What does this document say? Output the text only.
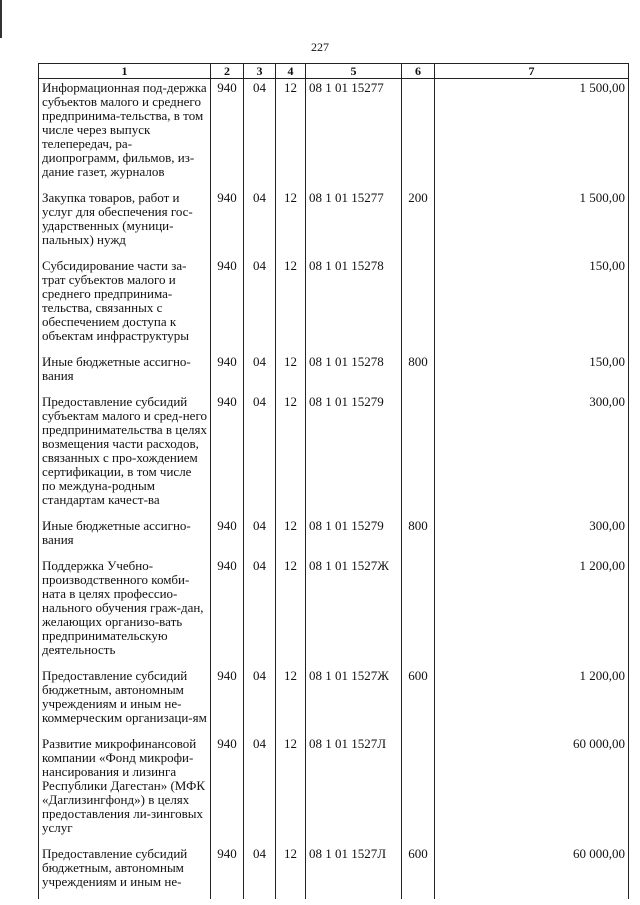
227
1	2	3	4	5	6	7
Информационная под-держка субъектов малого и среднего предпринима-тельства, в том числе через выпуск телепередач, ра-диопрограмм, фильмов, из-дание газет, журналов	940	04	12	08 1 01 15277		1 500,00
Закупка товаров, работ и услуг для обеспечения гос-ударственных (муници-пальных) нужд	940	04	12	08 1 01 15277	200	1 500,00
Субсидирование части за-трат субъектов малого и среднего предпринима-тельства, связанных с обеспечением доступа к объектам инфраструктуры	940	04	12	08 1 01 15278		150,00
Иные бюджетные ассигно-вания	940	04	12	08 1 01 15278	800	150,00
Предоставление субсидий субъектам малого и сред-него предпринимательства в целях возмещения части расходов, связанных с про-хождением сертификации, в том числе по междуна-родным стандартам качест-ва	940	04	12	08 1 01 15279		300,00
Иные бюджетные ассигно-вания	940	04	12	08 1 01 15279	800	300,00
Поддержка Учебно-производственного комби-ната в целях профессио-нального обучения граж-дан, желающих организо-вать предпринимательскую деятельность	940	04	12	08 1 01 1527Ж		1 200,00
Предоставление субсидий бюджетным, автономным учреждениям и иным не-коммерческим организаци-ям	940	04	12	08 1 01 1527Ж	600	1 200,00
Развитие микрофинансовой компании «Фонд микрофи-нансирования и лизинга Республики Дагестан» (МФК «Даглизингфонд») в целях предоставления ли-зинговых услуг	940	04	12	08 1 01 1527Л		60 000,00
Предоставление субсидий бюджетным, автономным учреждениям и иным не-	940	04	12	08 1 01 1527Л	600	60 000,00
